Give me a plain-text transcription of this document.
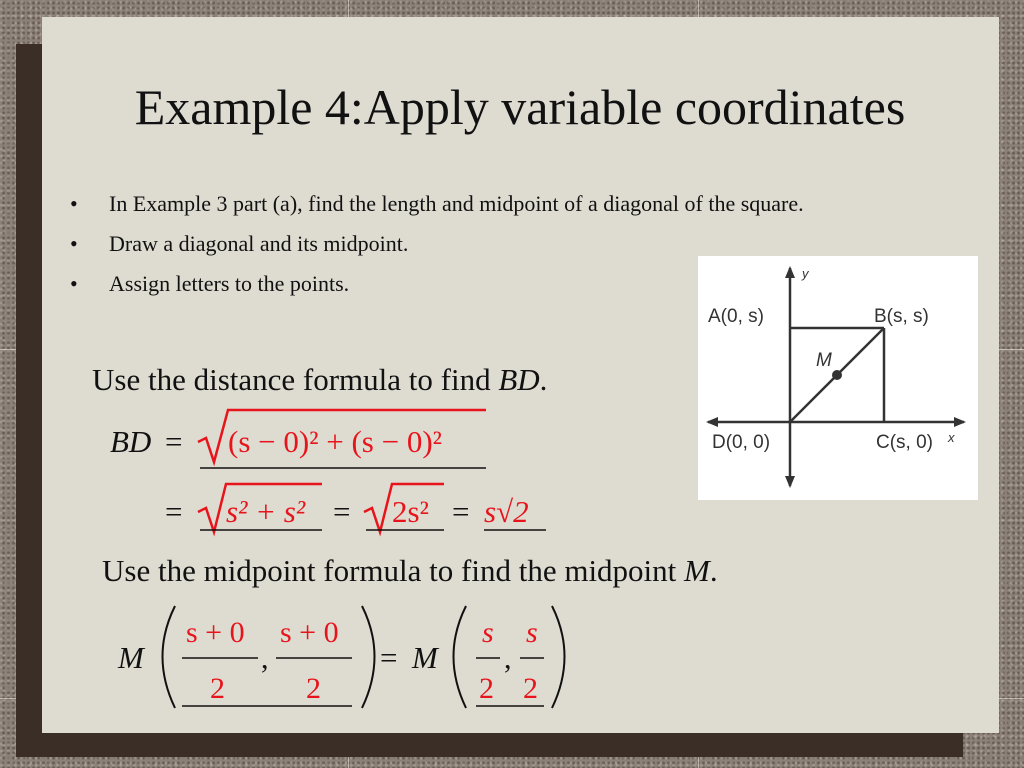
Example 4:Apply variable coordinates
• In Example 3 part (a), find the length and midpoint of a diagonal of the square.
• Draw a diagonal and its midpoint.
• Assign letters to the points.
Use the distance formula to find BD.
BD = (s − 0)² + (s − 0)²
= s² + s² = 2s² = s√2
Use the midpoint formula to find the midpoint M.
M
s + 0
2
,
s + 0
2
= M
s
2
,
s
2
y
x
A(0, s)	B(s, s)
C(s, 0)
D(0, 0)
M
